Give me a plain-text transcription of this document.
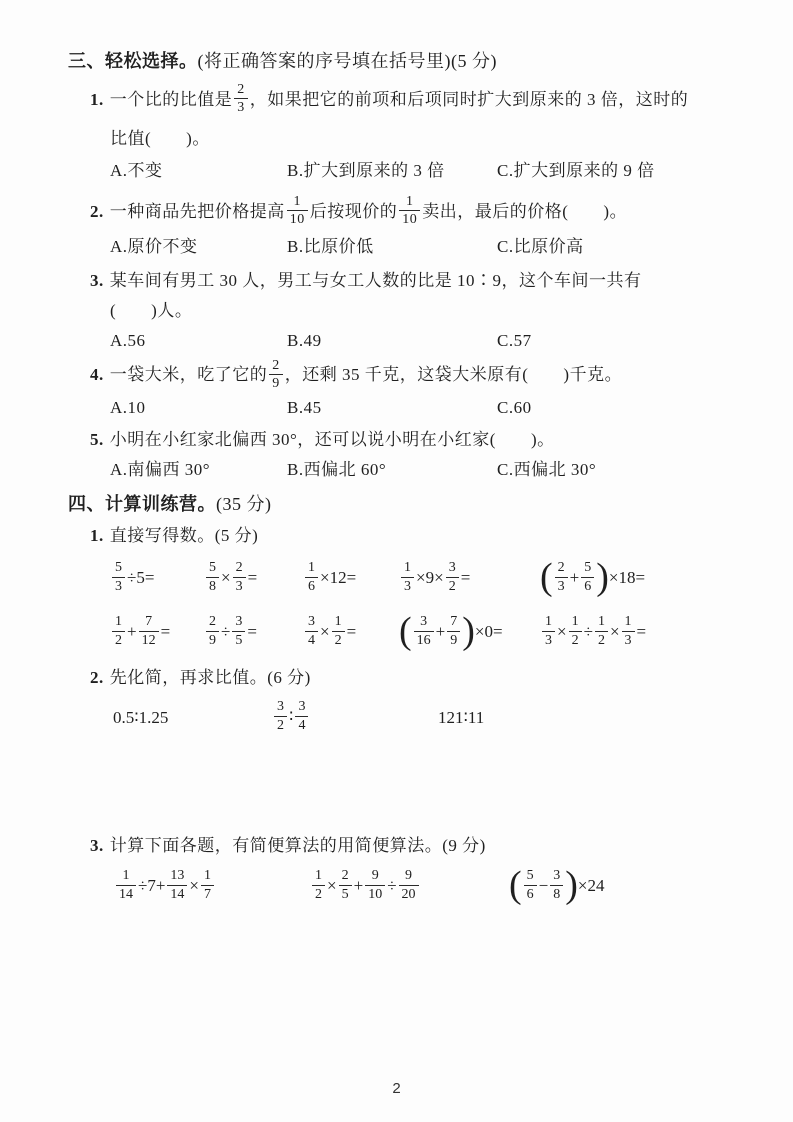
三、轻松选择。(将正确答案的序号填在括号里)(5 分)
1. 一个比的比值是 $\frac{2}{3}$ ，如果把它的前项和后项同时扩大到原来的 3 倍，这时的
比值(　　)。
A.不变	B.扩大到原来的 3 倍	C.扩大到原来的 9 倍
2. 一种商品先把价格提高 $\frac{1}{10}$ 后按现价的 $\frac{1}{10}$ 卖出，最后的价格(　　)。
A.原价不变	B.比原价低	C.比原价高
3. 某车间有男工 30 人，男工与女工人数的比是 10∶9，这个车间一共有
(　　)人。
A.56	B.49	C.57
4. 一袋大米，吃了它的 $\frac{2}{9}$ ，还剩 35 千克，这袋大米原有(　　)千克。
A.10	B.45	C.60
5. 小明在小红家北偏西 30°，还可以说小明在小红家(　　)。
A.南偏西 30°	B.西偏北 60°	C.西偏北 30°
四、计算训练营。(35 分)
1. 直接写得数。(5 分)
$\frac{5}{3} \div 5=$	$\frac{5}{8} \times \frac{2}{3}$ =	$\frac{1}{6} \times 12=$	$\frac{1}{3} \times 9\times \frac{3}{2}$ =	( $\frac{2}{3} + \frac{5}{6} )\times 18=$
$\frac{1}{2} + \frac{7}{12}$ =	$\frac{2}{9} \div \frac{3}{5}$ =	$\frac{3}{4} \times \frac{1}{2}$ =	( $\frac{3}{16} + \frac{7}{9} )\times 0=$	$\frac{1}{3} \times \frac{1}{2} \div \frac{1}{2} \times \frac{1}{3}$ =
2. 先化简，再求比值。(6 分)
0.5∶1.25	$\frac{3}{2}$ ∶ $\frac{3}{4}$	121∶11
3. 计算下面各题，有简便算法的用简便算法。(9 分)
$\frac{1}{14} \div 7+ \frac{13}{14} \times \frac{1}{7}$	$\frac{1}{2} \times \frac{2}{5} + \frac{9}{10} \div \frac{9}{20}$ ( $\frac{5}{6} - \frac{3}{8} )\times 24$
2
